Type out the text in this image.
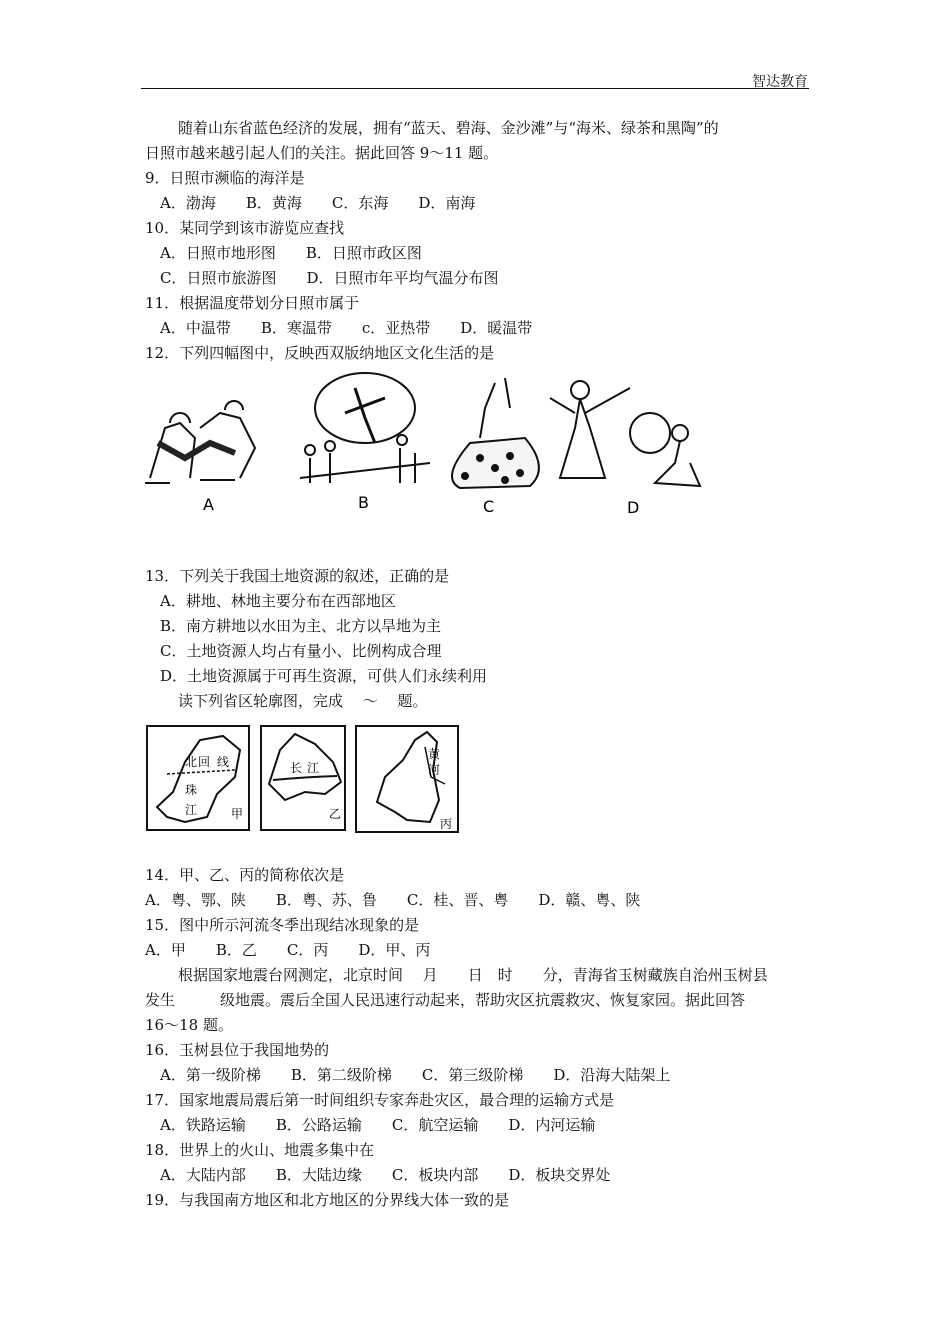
智达教育
随着山东省蓝色经济的发展，拥有“蓝天、碧海、金沙滩”与“海米、绿茶和黑陶”的
日照市越来越引起人们的关注。据此回答 9～11 题。
9．日照市濒临的海洋是
A．渤海　　B．黄海　　C．东海　　D．南海
10．某同学到该市游览应查找
A．日照市地形图　　B．日照市政区图
C．日照市旅游图　　D．日照市年平均气温分布图
11．根据温度带划分日照市属于
A．中温带　　B．寒温带　　c．亚热带　　D．暖温带
12．下列四幅图中，反映西双版纳地区文化生活的是
A	B	C	D
13．下列关于我国土地资源的叙述，正确的是
A．耕地、林地主要分布在西部地区
B．南方耕地以水田为主、北方以旱地为主
C．土地资源人均占有量小、比例构成合理
D．土地资源属于可再生资源，可供人们永续利用
读下列省区轮廓图，完成　 ～　 题。
北 回 线
珠
江	甲
长 江
乙
黄
河
丙
14．甲、乙、丙的简称依次是
A．粤、鄂、陕　　B．粤、苏、鲁　　C．桂、晋、粤　　D．赣、粤、陕
15．图中所示河流冬季出现结冰现象的是
A．甲　　B．乙　　C．丙　　D．甲、丙
根据国家地震台网测定，北京时间　 月　　日　时　　分，青海省玉树藏族自治州玉树县
发生　　　级地震。震后全国人民迅速行动起来，帮助灾区抗震救灾、恢复家园。据此回答
16～18 题。
16．玉树县位于我国地势的
A．第一级阶梯　　B．第二级阶梯　　C．第三级阶梯　　D．沿海大陆架上
17．国家地震局震后第一时间组织专家奔赴灾区，最合理的运输方式是
A．铁路运输　　B．公路运输　　C．航空运输　　D．内河运输
18．世界上的火山、地震多集中在
A．大陆内部　　B．大陆边缘　　C．板块内部　　D．板块交界处
19．与我国南方地区和北方地区的分界线大体一致的是
